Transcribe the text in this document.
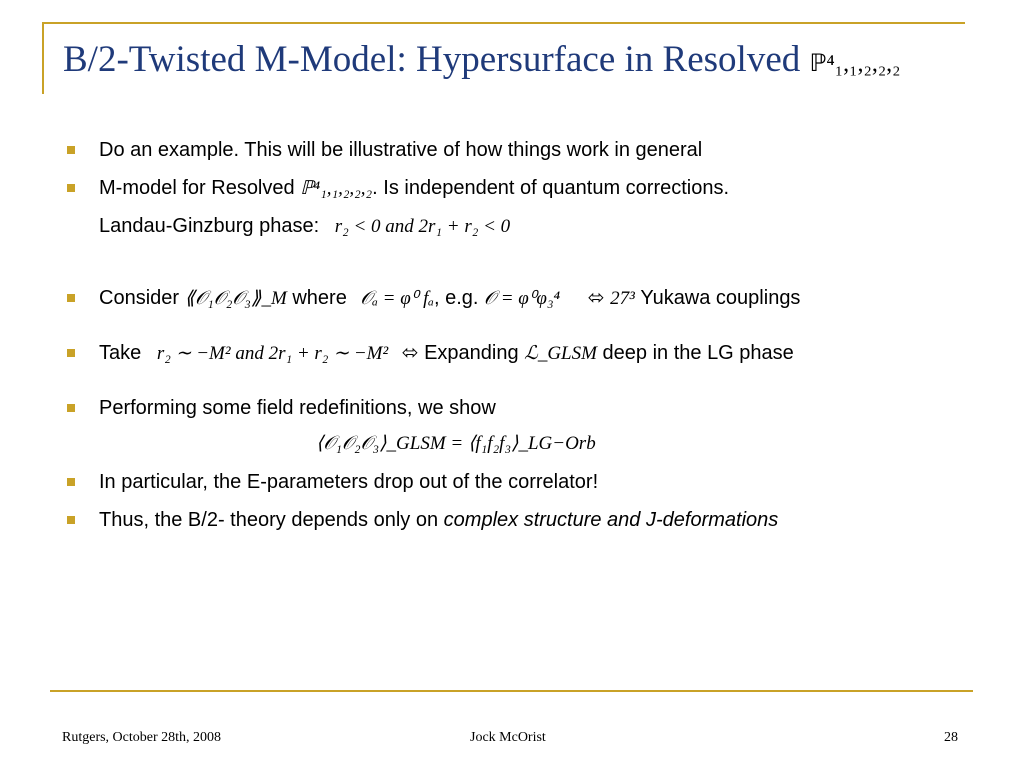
B/2-Twisted M-Model: Hypersurface in Resolved ℙ⁴₁,₁,₂,₂,₂
Do an example. This will be illustrative of how things work in general
M-model for Resolved ℙ⁴₁,₁,₂,₂,₂. Is independent of quantum corrections.
Landau-Ginzburg phase: r₂ < 0 and 2r₁ + r₂ < 0
Consider ⟪𝒪₁𝒪₂𝒪₃⟫_M where 𝒪ₐ = φ⁰ fₐ, e.g. 𝒪 = φ⁰φ₃⁴ ⬄ 27³ Yukawa couplings
Take r₂ ∼ −M² and 2r₁ + r₂ ∼ −M² ⬄ Expanding ℒ_GLSM deep in the LG phase
Performing some field redefinitions, we show
⟨𝒪₁𝒪₂𝒪₃⟩_GLSM = ⟨f₁f₂f₃⟩_LG−Orb
In particular, the E-parameters drop out of the correlator!
Thus, the B/2- theory depends only on complex structure and J-deformations
Rutgers, October 28th, 2008	Jock McOrist	28
